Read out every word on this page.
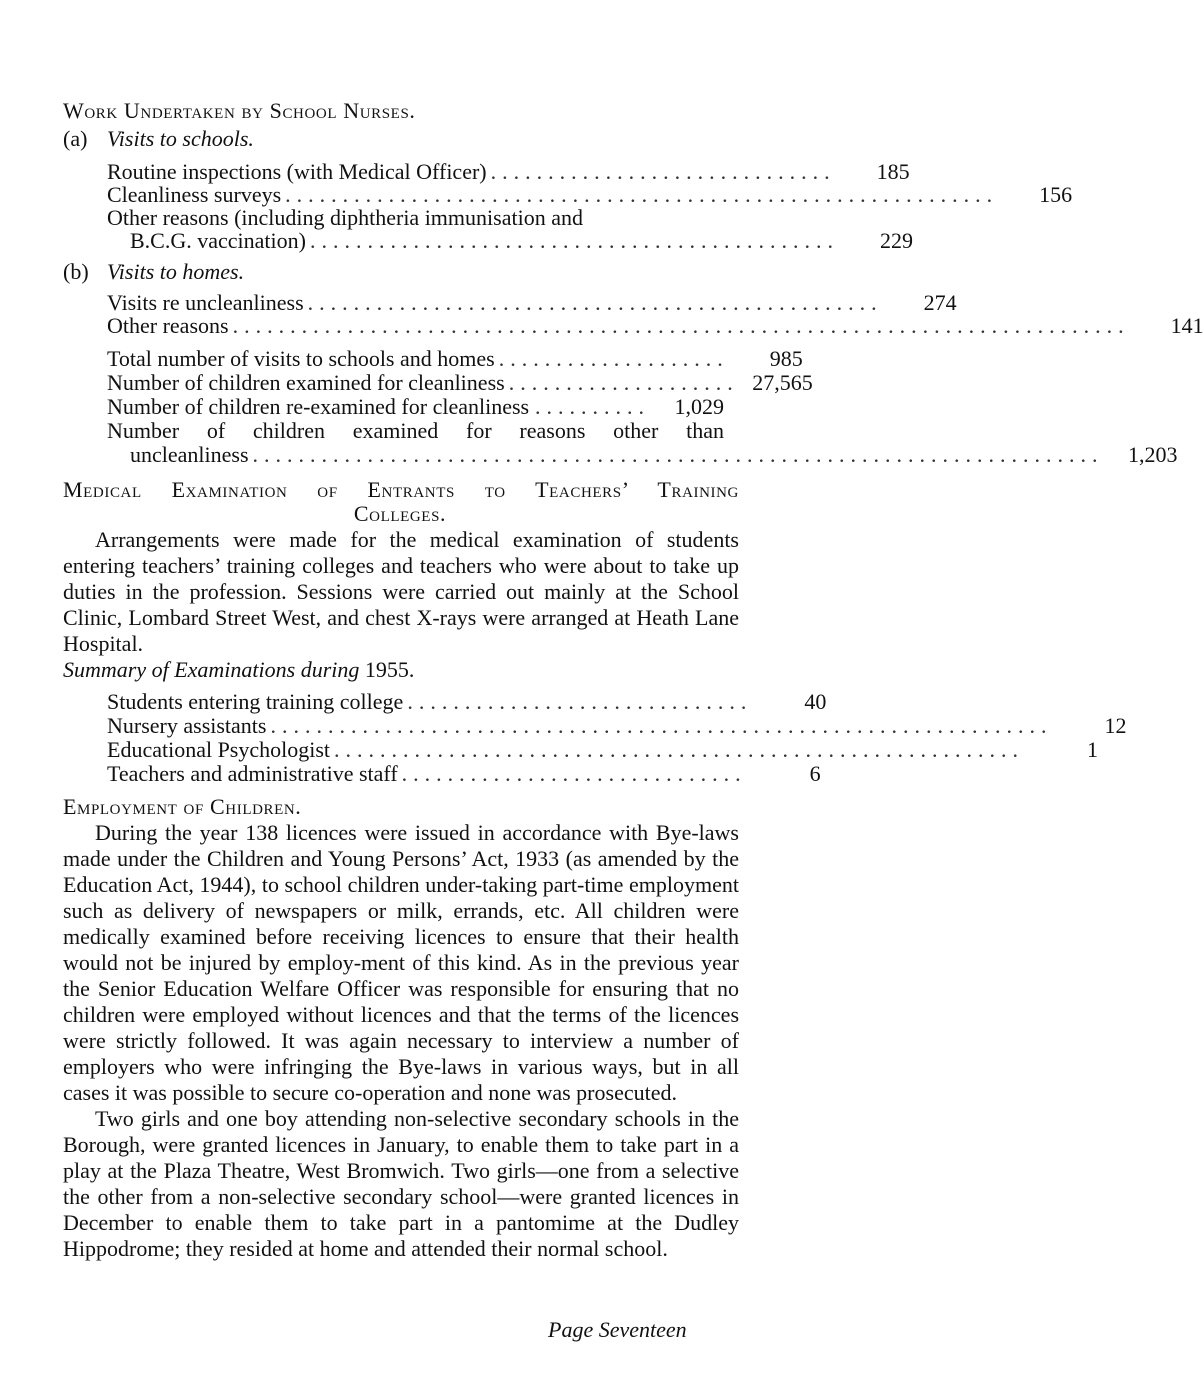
Work Undertaken by School Nurses.
(a) Visits to schools.
Routine inspections (with Medical Officer) ..............................	185
Cleanliness surveys ..............................................................	156
Other reasons (including diphtheria immunisation and
B.C.G. vaccination) ..............................................	229
(b) Visits to homes.
Visits re uncleanliness ..................................................	274
Other reasons ..............................................................................	141
Total number of visits to schools and homes ....................	985
Number of children examined for cleanliness .................... 27,565
Number of children re-examined for cleanliness ..........	1,029
Number of children examined for reasons other than
uncleanliness ..........................................................................	1,203
Medical Examination of Entrants to Teachers’ Training
Colleges.

Arrangements were made for the medical examination of students entering teachers’ training colleges and teachers who were about to take up duties in the profession. Sessions were carried out mainly at the School Clinic, Lombard Street West, and chest X-rays were arranged at Heath Lane Hospital.

Summary of Examinations during 1955.
Students entering training college ..............................	40
Nursery assistants ....................................................................	12
Educational Psychologist ............................................................	1
Teachers and administrative staff ..............................	6
Employment of Children.

During the year 138 licences were issued in accordance with Bye-laws made under the Children and Young Persons’ Act, 1933 (as amended by the Education Act, 1944), to school children under-taking part-time employment such as delivery of newspapers or milk, errands, etc. All children were medically examined before receiving licences to ensure that their health would not be injured by employ-ment of this kind. As in the previous year the Senior Education Welfare Officer was responsible for ensuring that no children were employed without licences and that the terms of the licences were strictly followed. It was again necessary to interview a number of employers who were infringing the Bye-laws in various ways, but in all cases it was possible to secure co-operation and none was prosecuted.

Two girls and one boy attending non-selective secondary schools in the Borough, were granted licences in January, to enable them to take part in a play at the Plaza Theatre, West Bromwich. Two girls—one from a selective the other from a non-selective secondary school—were granted licences in December to enable them to take part in a pantomime at the Dudley Hippodrome; they resided at home and attended their normal school.

Page Seventeen
